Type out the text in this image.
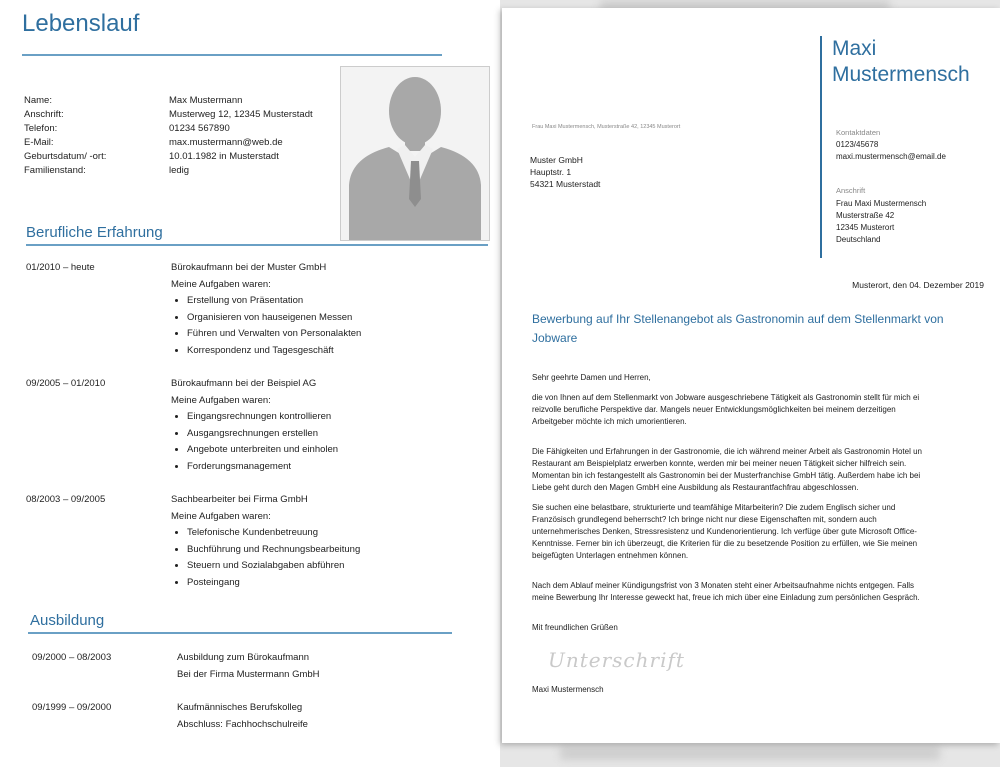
Lebenslauf
Name:	Max Mustermann
Anschrift:	Musterweg 12, 12345 Musterstadt
Telefon:	01234 567890
E-Mail:	max.mustermann@web.de
Geburtsdatum/ -ort:	10.01.1982 in Musterstadt
Familienstand:	ledig
Berufliche Erfahrung
01/2010 – heute	Bürokaufmann bei der Muster GmbH
Meine Aufgaben waren:
• Erstellung von Präsentation
• Organisieren von hauseigenen Messen
• Führen und Verwalten von Personalakten
• Korrespondenz und Tagesgeschäft
09/2005 – 01/2010	Bürokaufmann bei der Beispiel AG
Meine Aufgaben waren:
• Eingangsrechnungen kontrollieren
• Ausgangsrechnungen erstellen
• Angebote unterbreiten und einholen
• Forderungsmanagement
08/2003 – 09/2005	Sachbearbeiter bei Firma GmbH
Meine Aufgaben waren:
• Telefonische Kundenbetreuung
• Buchführung und Rechnungsbearbeitung
• Steuern und Sozialabgaben abführen
• Posteingang
Ausbildung
09/2000 – 08/2003	Ausbildung zum Bürokaufmann
Bei der Firma Mustermann GmbH
09/1999 – 09/2000	Kaufmännisches Berufskolleg
Abschluss: Fachhochschulreife
Frau Maxi Mustermensch, Musterstraße 42, 12345 Musterort
Muster GmbH
Hauptstr. 1
54321 Musterstadt
Maxi
Mustermensch
Kontaktdaten
0123/45678
maxi.mustermensch@email.de
Anschrift
Frau Maxi Mustermensch
Musterstraße 42
12345 Musterort
Deutschland
Musterort, den 04. Dezember 2019
Bewerbung auf Ihr Stellenangebot als Gastronomin auf dem Stellenmarkt von
Jobware
Sehr geehrte Damen und Herren,
die von Ihnen auf dem Stellenmarkt von Jobware ausgeschriebene Tätigkeit als Gastronomin stellt für mich ei
reizvolle berufliche Perspektive dar. Mangels neuer Entwicklungsmöglichkeiten bei meinem derzeitigen
Arbeitgeber möchte ich mich umorientieren.
Die Fähigkeiten und Erfahrungen in der Gastronomie, die ich während meiner Arbeit als Gastronomin Hotel un
Restaurant am Beispielplatz erwerben konnte, werden mir bei meiner neuen Tätigkeit sicher hilfreich sein.
Momentan bin ich festangestellt als Gastronomin bei der Musterfranchise GmbH tätig. Außerdem habe ich bei
Liebe geht durch den Magen GmbH eine Ausbildung als Restaurantfachfrau abgeschlossen.
Sie suchen eine belastbare, strukturierte und teamfähige Mitarbeiterin? Die zudem Englisch sicher und
Französisch grundlegend beherrscht? Ich bringe nicht nur diese Eigenschaften mit, sondern auch
unternehmerisches Denken, Stressresistenz und Kundenorientierung. Ich verfüge über gute Microsoft Office-
Kenntnisse. Ferner bin ich überzeugt, die Kriterien für die zu besetzende Position zu erfüllen, wie Sie meinen
beigefügten Unterlagen entnehmen können.
Nach dem Ablauf meiner Kündigungsfrist von 3 Monaten steht einer Arbeitsaufnahme nichts entgegen. Falls
meine Bewerbung Ihr Interesse geweckt hat, freue ich mich über eine Einladung zum persönlichen Gespräch.
Mit freundlichen Grüßen
Unterschrift
Maxi Mustermensch
